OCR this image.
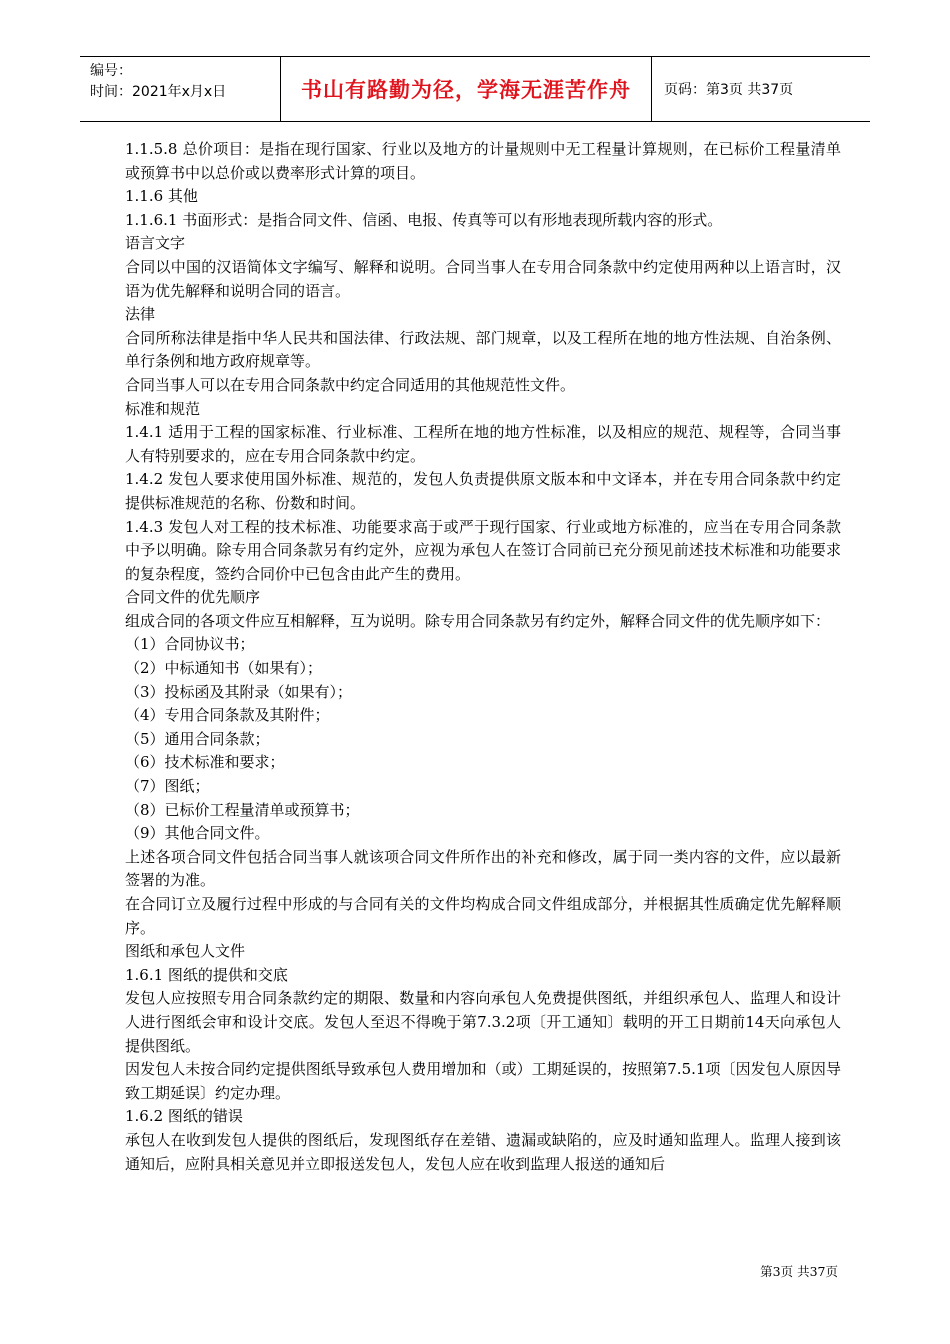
编号：
时间：2021年x月x日	书山有路勤为径，学海无涯苦作舟	页码：第3页 共37页

1.1.5.8 总价项目：是指在现行国家、行业以及地方的计量规则中无工程量计算规则，在已标价工程量清单或预算书中以总价或以费率形式计算的项目。

1.1.6 其他

1.1.6.1 书面形式：是指合同文件、信函、电报、传真等可以有形地表现所载内容的形式。

语言文字

合同以中国的汉语简体文字编写、解释和说明。合同当事人在专用合同条款中约定使用两种以上语言时，汉语为优先解释和说明合同的语言。

法律

合同所称法律是指中华人民共和国法律、行政法规、部门规章，以及工程所在地的地方性法规、自治条例、单行条例和地方政府规章等。

合同当事人可以在专用合同条款中约定合同适用的其他规范性文件。

标准和规范

1.4.1 适用于工程的国家标准、行业标准、工程所在地的地方性标准，以及相应的规范、规程等，合同当事人有特别要求的，应在专用合同条款中约定。

1.4.2 发包人要求使用国外标准、规范的，发包人负责提供原文版本和中文译本，并在专用合同条款中约定提供标准规范的名称、份数和时间。

1.4.3 发包人对工程的技术标准、功能要求高于或严于现行国家、行业或地方标准的，应当在专用合同条款中予以明确。除专用合同条款另有约定外，应视为承包人在签订合同前已充分预见前述技术标准和功能要求的复杂程度，签约合同价中已包含由此产生的费用。

合同文件的优先顺序

组成合同的各项文件应互相解释，互为说明。除专用合同条款另有约定外，解释合同文件的优先顺序如下：

（1）合同协议书；

（2）中标通知书（如果有）；

（3）投标函及其附录（如果有）；

（4）专用合同条款及其附件；

（5）通用合同条款；

（6）技术标准和要求；

（7）图纸；

（8）已标价工程量清单或预算书；

（9）其他合同文件。

上述各项合同文件包括合同当事人就该项合同文件所作出的补充和修改，属于同一类内容的文件，应以最新签署的为准。

在合同订立及履行过程中形成的与合同有关的文件均构成合同文件组成部分，并根据其性质确定优先解释顺序。

图纸和承包人文件

1.6.1 图纸的提供和交底

发包人应按照专用合同条款约定的期限、数量和内容向承包人免费提供图纸，并组织承包人、监理人和设计人进行图纸会审和设计交底。发包人至迟不得晚于第7.3.2项〔开工通知〕载明的开工日期前14天向承包人提供图纸。

因发包人未按合同约定提供图纸导致承包人费用增加和（或）工期延误的，按照第7.5.1项〔因发包人原因导致工期延误〕约定办理。

1.6.2 图纸的错误

承包人在收到发包人提供的图纸后，发现图纸存在差错、遗漏或缺陷的，应及时通知监理人。监理人接到该通知后，应附具相关意见并立即报送发包人，发包人应在收到监理人报送的通知后

第3页 共37页
